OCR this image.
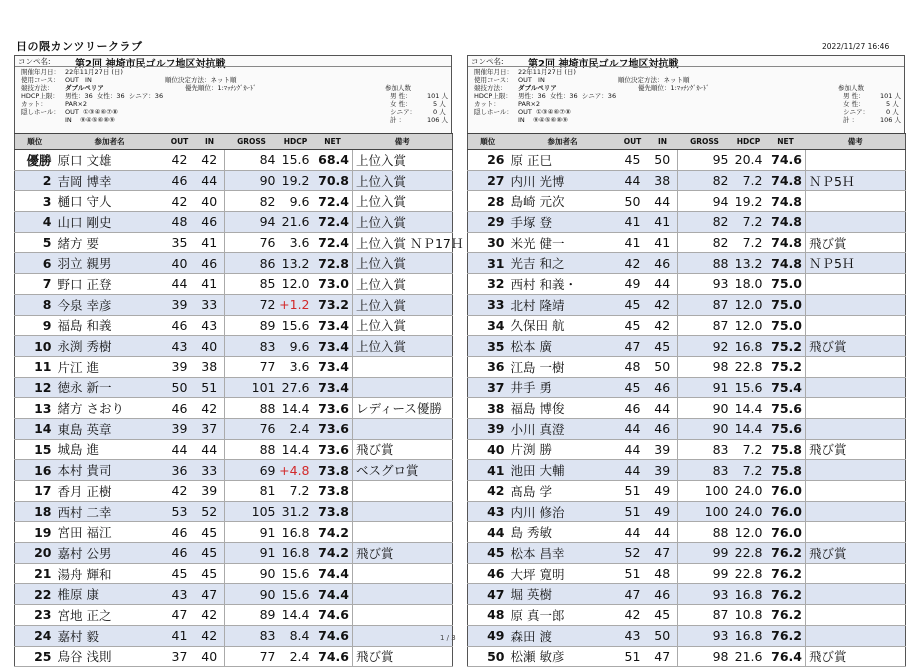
日の隈カンツリークラブ	2022/11/27 16:46
コンペ名: 第2回 神埼市民ゴルフ地区対抗戦
開催年月日： 22年11月27日 (日)
使用コース： OUT   IN
競技方法： ダブルペリア
HDCP上限： 男性：36  女性：36  シニア：36
カット：	PAR×2
隠しホール： OUT  ①③④⑥⑦⑧
IN    ⑨④⑤⑥⑧⑨
順位決定方法：ネット順
優先順位：1:ﾏｯﾁﾝｸﾞｶｰﾄﾞ	参加人数
男 性： 101 人
女 性：	5 人
シニア：	0 人
計 ：	106 人
順位	参加者名	OUT	IN	GROSS	HDCP	NET	備考
優勝	原口 文雄	42	42	84	15.6	68.4	上位入賞
2	吉岡 博幸	46	44	90	19.2	70.8	上位入賞
3	樋口 守人	42	40	82	9.6	72.4	上位入賞
4	山口 剛史	48	46	94	21.6	72.4	上位入賞
5	緒方 要	35	41	76	3.6	72.4	上位入賞 ＮＰ17Ｈ
6	羽立 親男	40	46	86	13.2	72.8	上位入賞
7	野口 正登	44	41	85	12.0	73.0	上位入賞
8	今泉 幸彦	39	33	72	+1.2	73.2	上位入賞
9	福島 和義	46	43	89	15.6	73.4	上位入賞
10	永渕 秀樹	43	40	83	9.6	73.4	上位入賞
11	片江 進	39	38	77	3.6	73.4	
12	徳永 新一	50	51	101	27.6	73.4	
13	緒方 さおり	46	42	88	14.4	73.6	レディース優勝
14	東島 英章	39	37	76	2.4	73.6	
15	城島 進	44	44	88	14.4	73.6	飛び賞
16	本村 貴司	36	33	69	+4.8	73.8	ベスグロ賞
17	香月 正樹	42	39	81	7.2	73.8	
18	西村 二幸	53	52	105	31.2	73.8	
19	宮田 福江	46	45	91	16.8	74.2	
20	嘉村 公男	46	45	91	16.8	74.2	飛び賞
21	湯舟 輝和	45	45	90	15.6	74.4	
22	椎原 康	43	47	90	15.6	74.4	
23	宮地 正之	47	42	89	14.4	74.6	
24	嘉村 毅	41	42	83	8.4	74.6	
25	鳥谷 浅則	37	40	77	2.4	74.6	飛び賞
コンペ名: 第2回 神埼市民ゴルフ地区対抗戦
開催年月日： 22年11月27日 (日)
使用コース： OUT   IN
競技方法： ダブルペリア
HDCP上限： 男性：36  女性：36  シニア：36
カット：	PAR×2
隠しホール： OUT  ①③④⑥⑦⑧
IN    ⑨④⑤⑥⑧⑨
順位決定方法：ネット順
優先順位：1:ﾏｯﾁﾝｸﾞｶｰﾄﾞ	参加人数
男 性： 101 人
女 性：	5 人
シニア：	0 人
計 ：	106 人
順位	参加者名	OUT	IN	GROSS	HDCP	NET	備考
26	原 正巳	45	50	95	20.4	74.6	
27	内川 光博	44	38	82	7.2	74.8	ＮＰ5Ｈ
28	島崎 元次	50	44	94	19.2	74.8	
29	手塚 登	41	41	82	7.2	74.8	
30	米光 健一	41	41	82	7.2	74.8	飛び賞
31	光吉 和之	42	46	88	13.2	74.8	ＮＰ5Ｈ
32	西村 和義・	49	44	93	18.0	75.0	
33	北村 隆靖	45	42	87	12.0	75.0	
34	久保田 航	45	42	87	12.0	75.0	
35	松本 廣	47	45	92	16.8	75.2	飛び賞
36	江島 一樹	48	50	98	22.8	75.2	
37	井手 勇	45	46	91	15.6	75.4	
38	福島 博俊	46	44	90	14.4	75.6	
39	小川 真澄	44	46	90	14.4	75.6	
40	片渕 勝	44	39	83	7.2	75.8	飛び賞
41	池田 大輔	44	39	83	7.2	75.8	
42	髙島 学	51	49	100	24.0	76.0	
43	内川 修治	51	49	100	24.0	76.0	
44	島 秀敏	44	44	88	12.0	76.0	
45	松本 昌幸	52	47	99	22.8	76.2	飛び賞
46	大坪 寛明	51	48	99	22.8	76.2	
47	堀 英樹	47	46	93	16.8	76.2	
48	原 真一郎	42	45	87	10.8	76.2	
49	森田 渡	43	50	93	16.8	76.2	
50	松瀬 敏彦	51	47	98	21.6	76.4	飛び賞
1 / 3
